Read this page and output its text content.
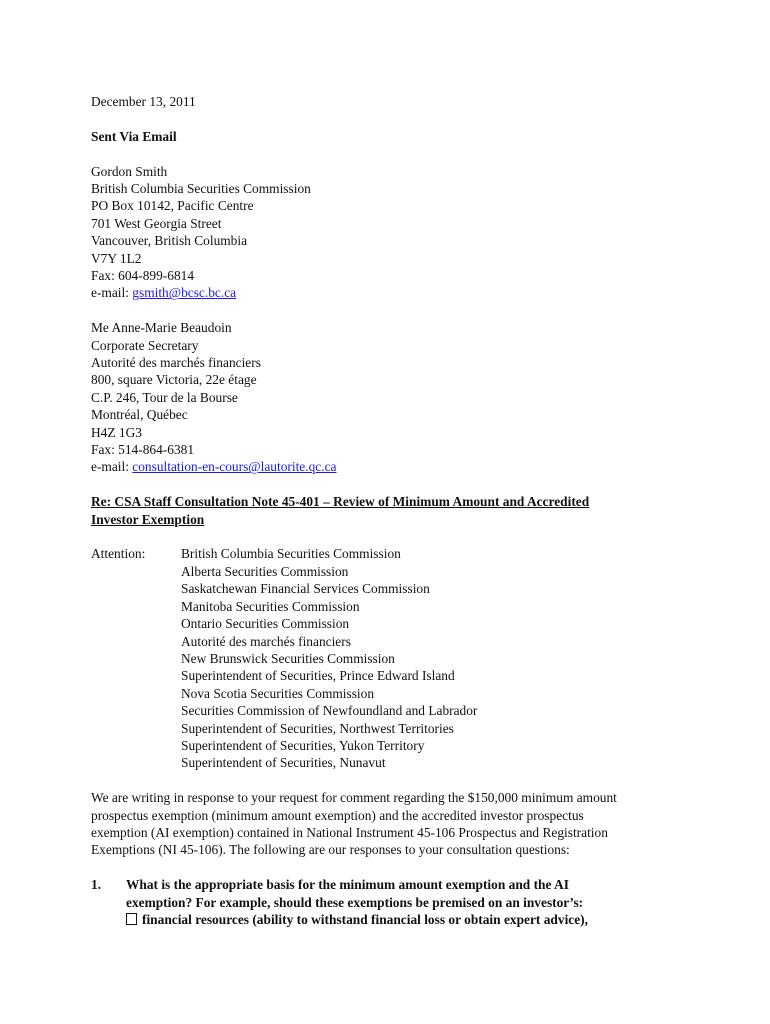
December 13, 2011
Sent Via Email
Gordon Smith
British Columbia Securities Commission
PO Box 10142, Pacific Centre
701 West Georgia Street
Vancouver, British Columbia
V7Y 1L2
Fax: 604-899-6814
e-mail: gsmith@bcsc.bc.ca
Me Anne-Marie Beaudoin
Corporate Secretary
Autorité des marchés financiers
800, square Victoria, 22e étage
C.P. 246, Tour de la Bourse
Montréal, Québec
H4Z 1G3
Fax: 514-864-6381
e-mail: consultation-en-cours@lautorite.qc.ca
Re: CSA Staff Consultation Note 45-401 – Review of Minimum Amount and Accredited
Investor Exemption
Attention:	British Columbia Securities Commission
Alberta Securities Commission
Saskatchewan Financial Services Commission
Manitoba Securities Commission
Ontario Securities Commission
Autorité des marchés financiers
New Brunswick Securities Commission
Superintendent of Securities, Prince Edward Island
Nova Scotia Securities Commission
Securities Commission of Newfoundland and Labrador
Superintendent of Securities, Northwest Territories
Superintendent of Securities, Yukon Territory
Superintendent of Securities, Nunavut
We are writing in response to your request for comment regarding the $150,000 minimum amount
prospectus exemption (minimum amount exemption) and the accredited investor prospectus
exemption (AI exemption) contained in National Instrument 45-106 Prospectus and Registration
Exemptions (NI 45-106). The following are our responses to your consultation questions:
1.	What is the appropriate basis for the minimum amount exemption and the AI
exemption? For example, should these exemptions be premised on an investor’s:
financial resources (ability to withstand financial loss or obtain expert advice),
